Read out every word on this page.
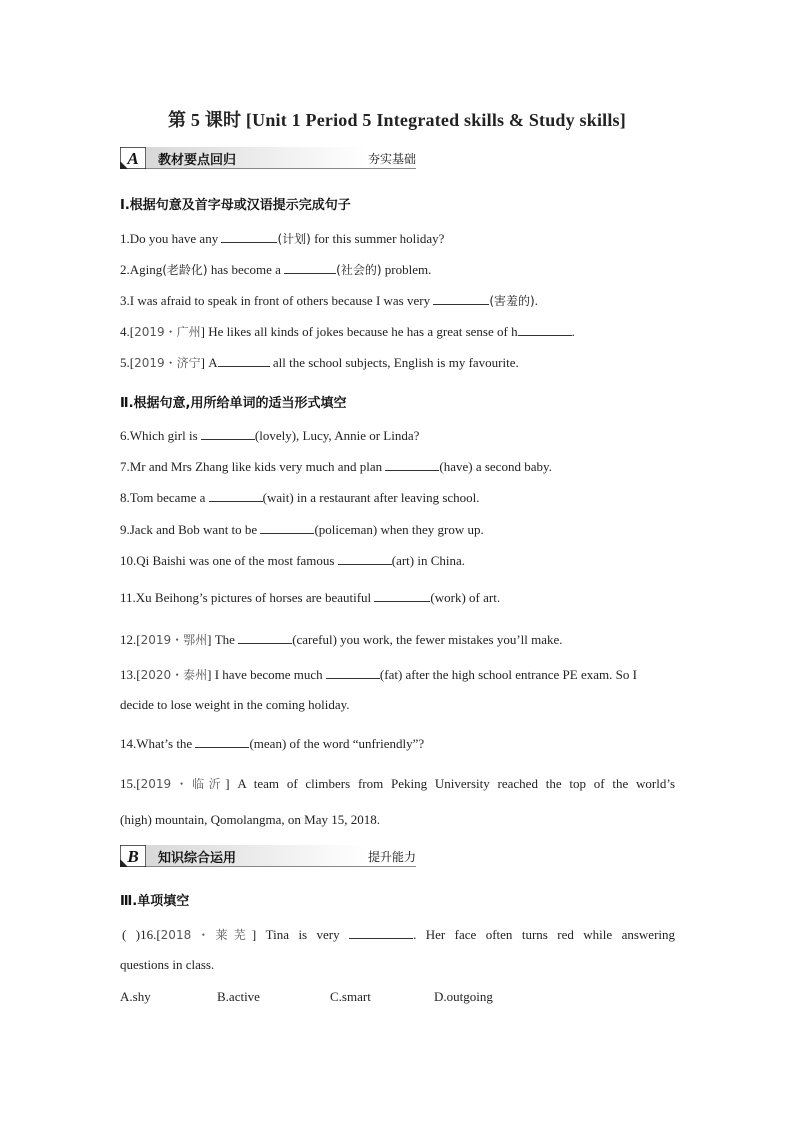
第 5 课时 [Unit 1 Period 5 Integrated skills & Study skills]
A 教材要点回归	夯实基础
Ⅰ.根据句意及首字母或汉语提示完成句子
1.Do you have any	(计划) for this summer holiday?
2.Aging(老龄化) has become a	(社会的) problem.
3.I was afraid to speak in front of others because I was very	(害羞的).
4.[2019・广州] He likes all kinds of jokes because he has a great sense of h	.
5.[2019・济宁] A	all the school subjects, English is my favourite.
Ⅱ.根据句意,用所给单词的适当形式填空
6.Which girl is	(lovely), Lucy, Annie or Linda?
7.Mr and Mrs Zhang like kids very much and plan	(have) a second baby.
8.Tom became a	(wait) in a restaurant after leaving school.
9.Jack and Bob want to be	(policeman) when they grow up.
10.Qi Baishi was one of the most famous	(art) in China.
11.Xu Beihong’s pictures of horses are beautiful	(work) of art.
12.[2019・鄂州] The	(careful) you work, the fewer mistakes you’ll make.
13.[2020・泰州] I have become much	(fat) after the high school entrance PE exam. So I
decide to lose weight in the coming holiday.
14.What’s the	(mean) of the word “unfriendly”?
15.[2019・临沂] A team of climbers from Peking University reached the top of the world’s
(high) mountain, Qomolangma, on May 15, 2018.
B 知识综合运用	提升能力
Ⅲ.单项填空
( )16.[2018・莱芜] Tina is very	. Her face often turns red while answering
questions in class.
A.shy	B.active	C.smart	D.outgoing
